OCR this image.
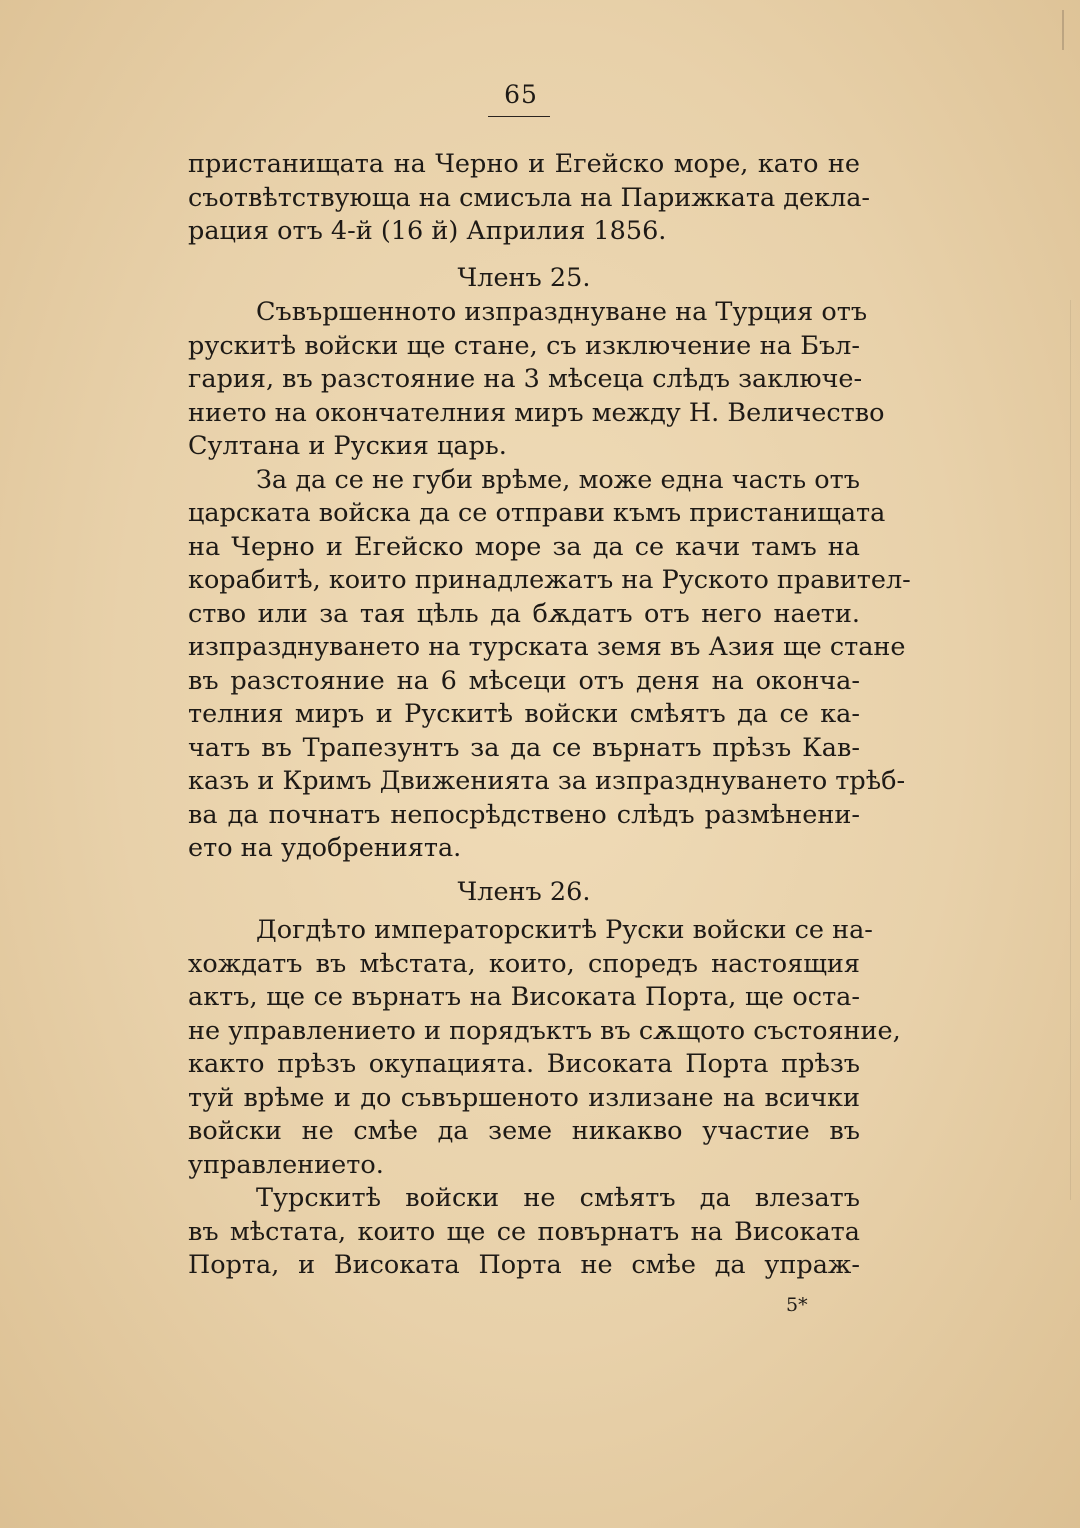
65
пристанищата на Черно и Егейско море, като не
съотвѣтствующа на смисъла на Парижката декла-
рация отъ 4-й (16 й) Априлия 1856.
Членъ 25.
Съвършенното изпразднуване на Турция отъ
рускитѣ войски ще стане, съ изключение на Бъл-
гария, въ разстояние на 3 мѣсеца слѣдъ заключе-
нието на окончателния миръ между Н. Величество
Султана и Руския царь.
За да се не губи врѣме, може една часть отъ
царската войска да се отправи къмъ пристанищата
на Черно и Егейско море за да се качи тамъ на
корабитѣ, които принадлежатъ на Руското правител-
ство или за тая цѣль да бѫдатъ отъ него наети.
изпразднуването на турската земя въ Азия ще стане
въ разстояние на 6 мѣсеци отъ деня на оконча-
телния миръ и Рускитѣ войски смѣятъ да се ка-
чатъ въ Трапезунтъ за да се върнатъ прѣзъ Кав-
казъ и Кримъ Движенията за изпразднуването трѣб-
ва да почнатъ непосрѣдствено слѣдъ размѣнени-
ето на удобренията.
Членъ 26.
Догдѣто императорскитѣ Руски войски се на-
хождатъ въ мѣстата, които, споредъ настоящия
актъ, ще се върнатъ на Високата Порта, ще оста-
не управлението и порядъктъ въ сѫщото състояние,
както прѣзъ окупацията. Високата Порта прѣзъ
туй врѣме и до съвършеното излизане на всички
войски не смѣе да земе никакво участие въ
управлението.
Турскитѣ войски не смѣятъ да влезатъ
въ мѣстата, които ще се повърнатъ на Високата
Порта, и Високата Порта не смѣе да упраж-
5*
